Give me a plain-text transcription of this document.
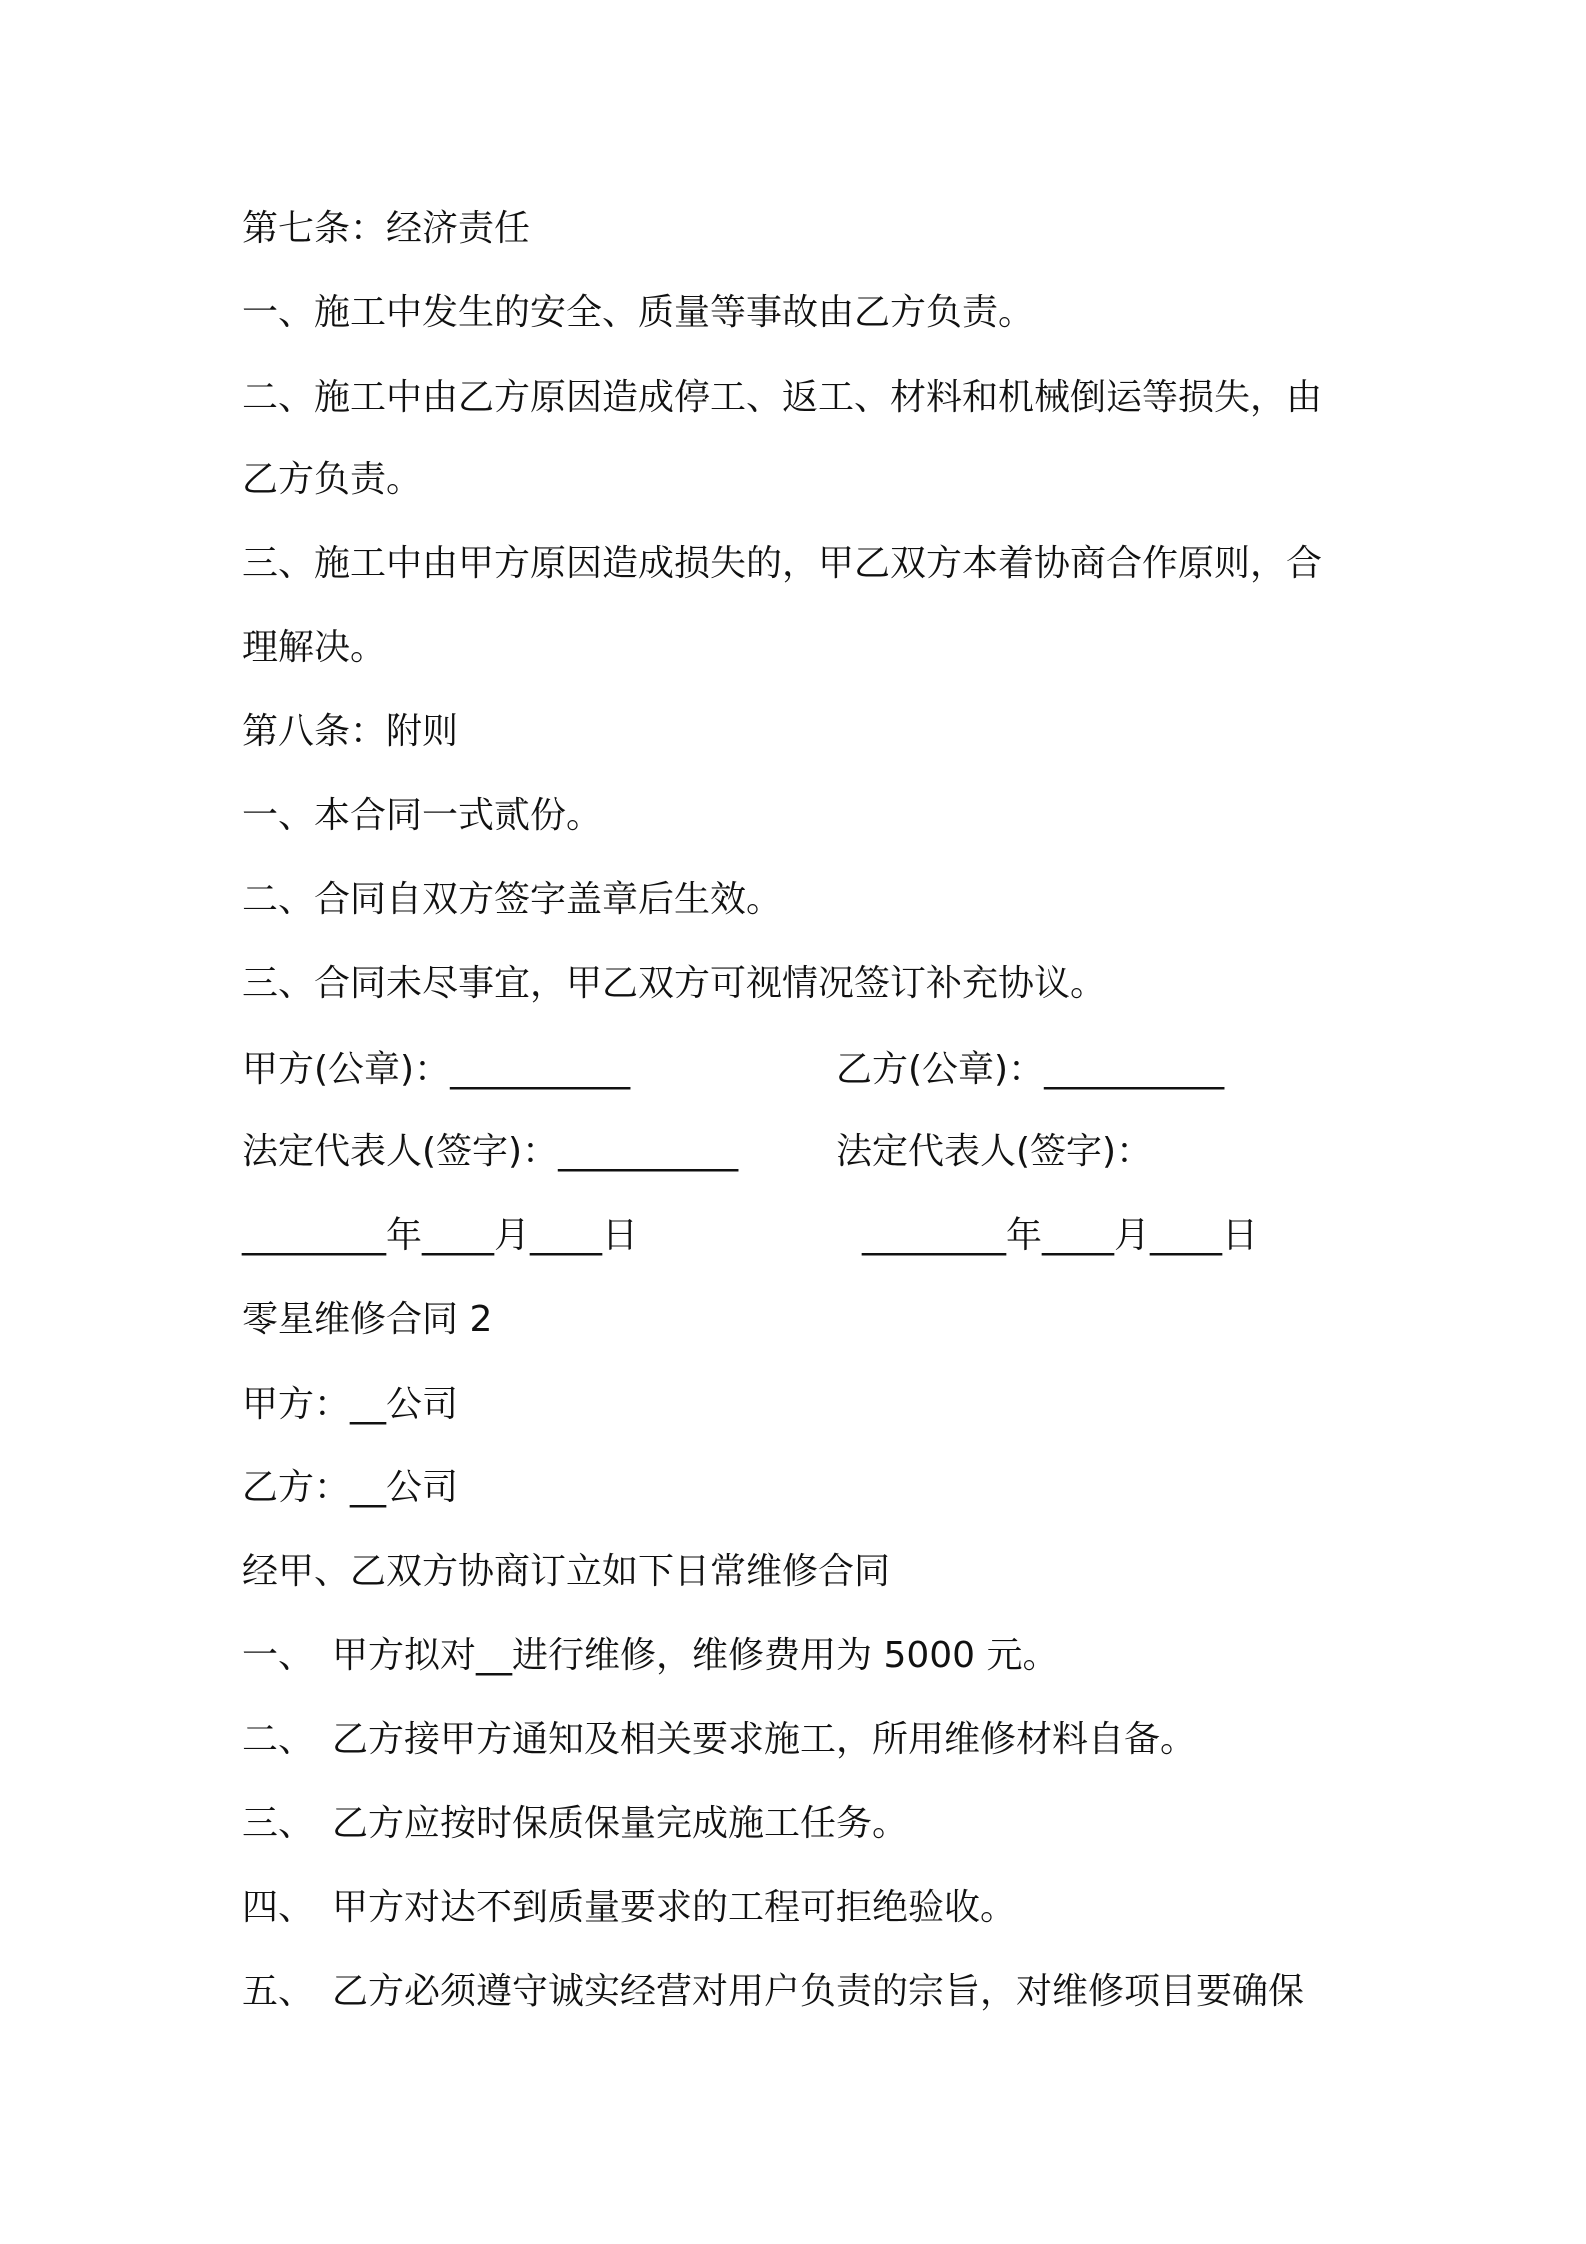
第七条：经济责任

一、施工中发生的安全、质量等事故由乙方负责。

二、施工中由乙方原因造成停工、返工、材料和机械倒运等损失，由

乙方负责。

三、施工中由甲方原因造成损失的，甲乙双方本着协商合作原则，合

理解决。

第八条：附则

一、本合同一式贰份。

二、合同自双方签字盖章后生效。

三、合同未尽事宜，甲乙双方可视情况签订补充协议。

甲方(公章)：__________	乙方(公章)：__________

法定代表人(签字)：__________	法定代表人(签字)：

________年____月____日	________年____月____日

零星维修合同 2

甲方：__公司

乙方：__公司

经甲、乙双方协商订立如下日常维修合同

一、　甲方拟对__进行维修，维修费用为 5000 元。

二、　乙方接甲方通知及相关要求施工，所用维修材料自备。

三、　乙方应按时保质保量完成施工任务。

四、　甲方对达不到质量要求的工程可拒绝验收。

五、　乙方必须遵守诚实经营对用户负责的宗旨，对维修项目要确保
